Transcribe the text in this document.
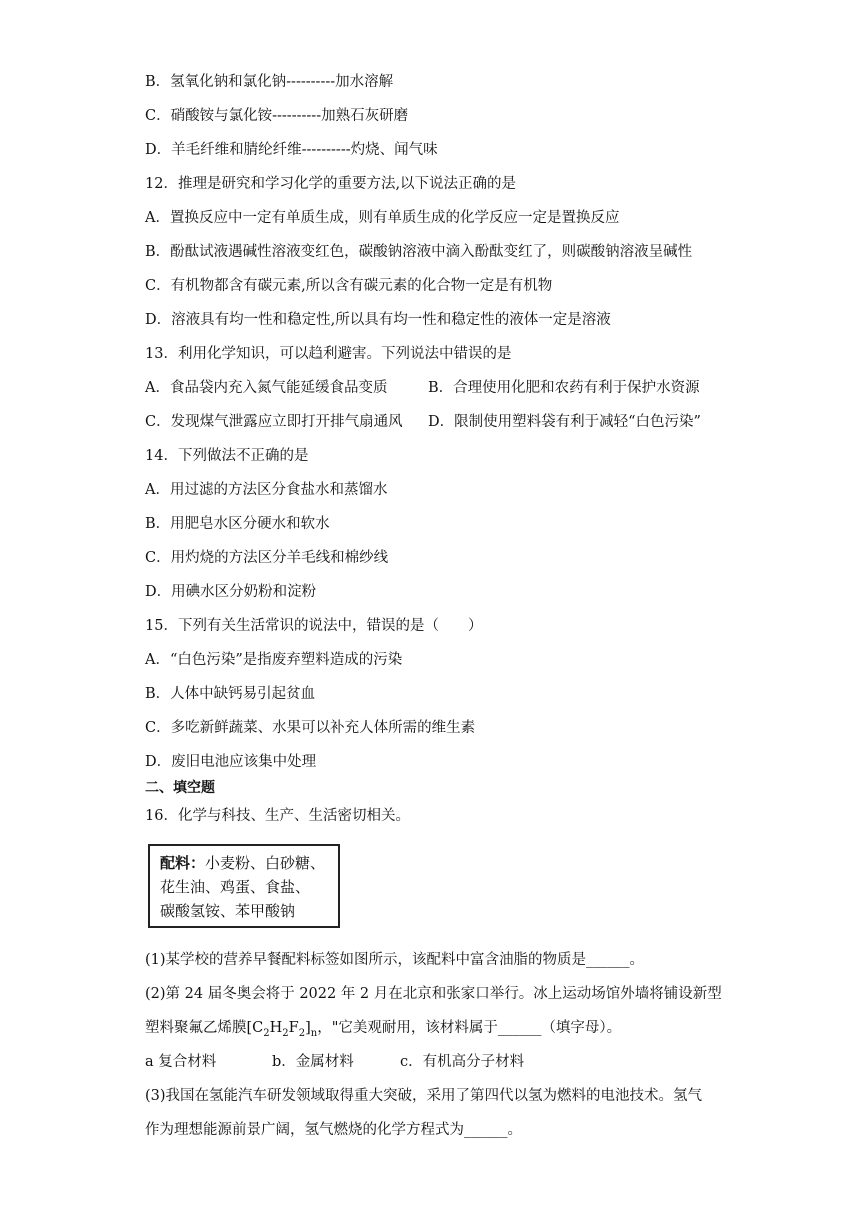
B．氢氧化钠和氯化钠----------加水溶解
C．硝酸铵与氯化铵----------加熟石灰研磨
D．羊毛纤维和腈纶纤维----------灼烧、闻气味
12．推理是研究和学习化学的重要方法,以下说法正确的是
A．置换反应中一定有单质生成，则有单质生成的化学反应一定是置换反应
B．酚酞试液遇碱性溶液变红色，碳酸钠溶液中滴入酚酞变红了，则碳酸钠溶液呈碱性
C．有机物都含有碳元素,所以含有碳元素的化合物一定是有机物
D．溶液具有均一性和稳定性,所以具有均一性和稳定性的液体一定是溶液
13．利用化学知识，可以趋利避害。下列说法中错误的是
A．食品袋内充入氮气能延缓食品变质	B．合理使用化肥和农药有利于保护水资源
C．发现煤气泄露应立即打开排气扇通风 D．限制使用塑料袋有利于减轻“白色污染”
14．下列做法不正确的是
A．用过滤的方法区分食盐水和蒸馏水
B．用肥皂水区分硬水和软水
C．用灼烧的方法区分羊毛线和棉纱线
D．用碘水区分奶粉和淀粉
15．下列有关生活常识的说法中，错误的是（　　）
A．“白色污染”是指废弃塑料造成的污染
B．人体中缺钙易引起贫血
C．多吃新鲜蔬菜、水果可以补充人体所需的维生素
D．废旧电池应该集中处理
二、填空题
16．化学与科技、生产、生活密切相关。
配料：小麦粉、白砂糖、
花生油、鸡蛋、食盐、
碳酸氢铵、苯甲酸钠
(1)某学校的营养早餐配料标签如图所示，该配料中富含油脂的物质是______。
(2)第 24 届冬奥会将于 2022 年 2 月在北京和张家口举行。冰上运动场馆外墙将铺设新型
塑料聚氟乙烯膜$[C_2H_2F_2]_n$，"它美观耐用，该材料属于______（填字母）。
a 复合材料	b．金属材料	c．有机高分子材料
(3)我国在氢能汽车研发领域取得重大突破，采用了第四代以氢为燃料的电池技术。氢气
作为理想能源前景广阔，氢气燃烧的化学方程式为______。
